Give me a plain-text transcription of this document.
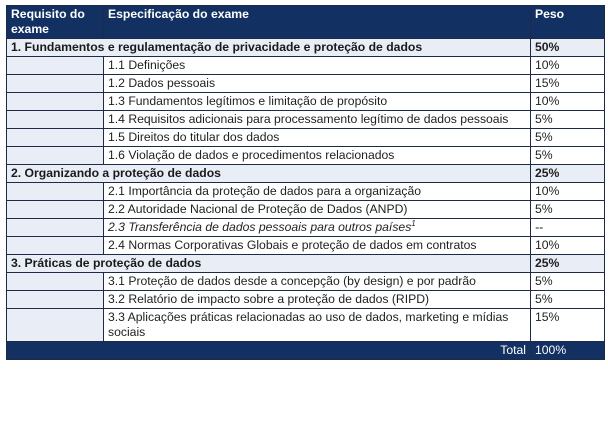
Requisito do exame	Especificação do exame	Peso
1. Fundamentos e regulamentação de privacidade e proteção de dados		50%
	1.1 Definições	10%
	1.2 Dados pessoais	15%
	1.3 Fundamentos legítimos e limitação de propósito	10%
	1.4 Requisitos adicionais para processamento legítimo de dados pessoais	5%
	1.5 Direitos do titular dos dados	5%
	1.6 Violação de dados e procedimentos relacionados	5%
2. Organizando a proteção de dados		25%
	2.1 Importância da proteção de dados para a organização	10%
	2.2 Autoridade Nacional de Proteção de Dados (ANPD)	5%
	2.3 Transferência de dados pessoais para outros países$^1$	--
	2.4 Normas Corporativas Globais e proteção de dados em contratos	10%
3. Práticas de proteção de dados		25%
	3.1 Proteção de dados desde a concepção (by design) e por padrão	5%
	3.2 Relatório de impacto sobre a proteção de dados (RIPD)	5%
	3.3 Aplicações práticas relacionadas ao uso de dados, marketing e mídias sociais	15%
Total		100%
